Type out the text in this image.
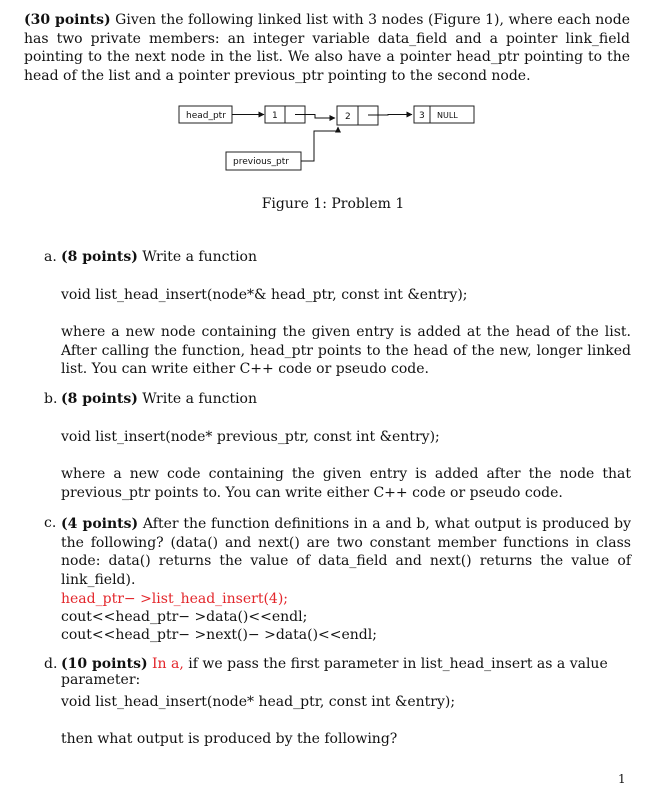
(30 points) Given the following linked list with 3 nodes (Figure 1), where each node has two private members: an integer variable data_field and a pointer link_field pointing to the next node in the list. We also have a pointer head_ptr pointing to the head of the list and a pointer previous_ptr pointing to the second node.
head_ptr	1	2	3 NULL
previous_ptr
Figure 1: Problem 1
a. (8 points) Write a function
void list_head_insert(node*& head_ptr, const int &entry);
where a new node containing the given entry is added at the head of the list. After calling the function, head_ptr points to the head of the new, longer linked list. You can write either C++ code or pseudo code.
b. (8 points) Write a function
void list_insert(node* previous_ptr, const int &entry);
where a new code containing the given entry is added after the node that previous_ptr points to. You can write either C++ code or pseudo code.
c. (4 points) After the function definitions in a and b, what output is produced by the following? (data() and next() are two constant member functions in class node: data() returns the value of data_field and next() returns the value of link_field).
head_ptr− >list_head_insert(4);
cout<<head_ptr− >data()<<endl;
cout<<head_ptr− >next()− >data()<<endl;
d. (10 points) In a, if we pass the first parameter in list_head_insert as a value parameter:
void list_head_insert(node* head_ptr, const int &entry);
then what output is produced by the following?
1
